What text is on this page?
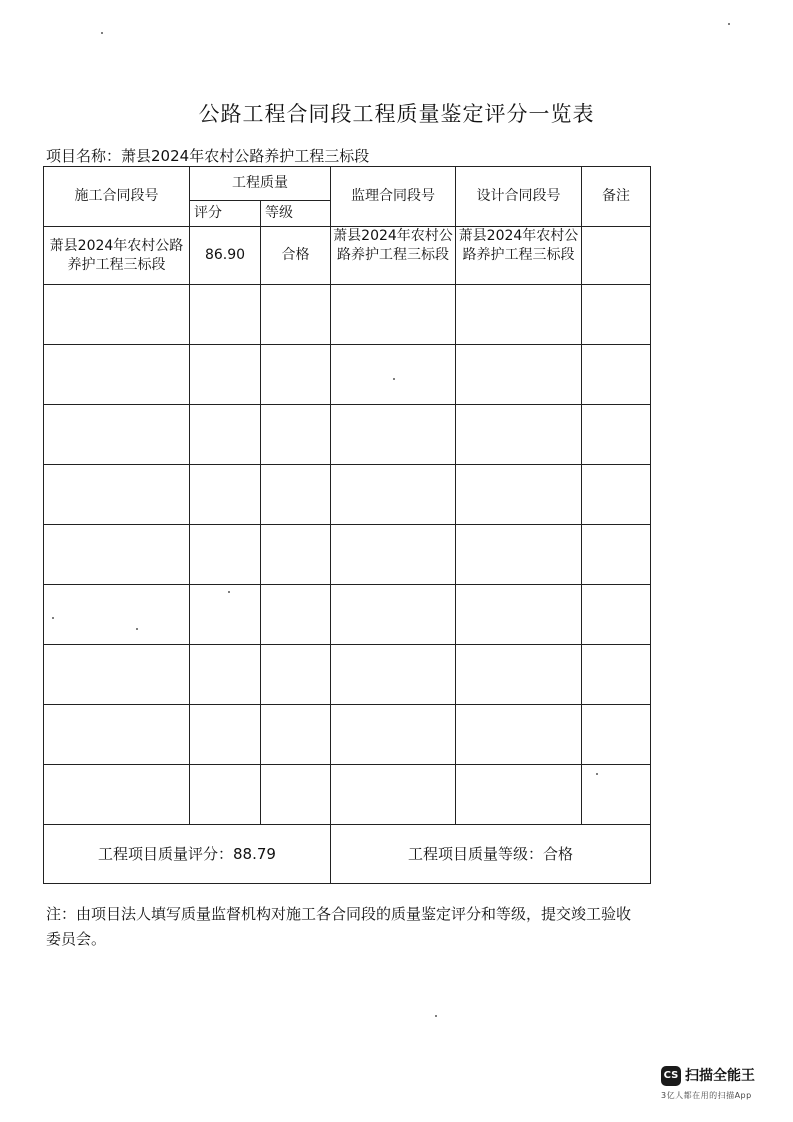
公路工程合同段工程质量鉴定评分一览表
项目名称：萧县2024年农村公路养护工程三标段
施工合同段号	工程质量		监理合同段号	设计合同段号	备注
	评分	等级			
萧县2024年农村公路养护工程三标段	86.90	合格	萧县2024年农村公路养护工程三标段	萧县2024年农村公路养护工程三标段	

工程项目质量评分：88.79			工程项目质量等级：合格		
注：由项目法人填写质量监督机构对施工各合同段的质量鉴定评分和等级，提交竣工验收委员会。
CS 扫描全能王
3亿人都在用的扫描App
